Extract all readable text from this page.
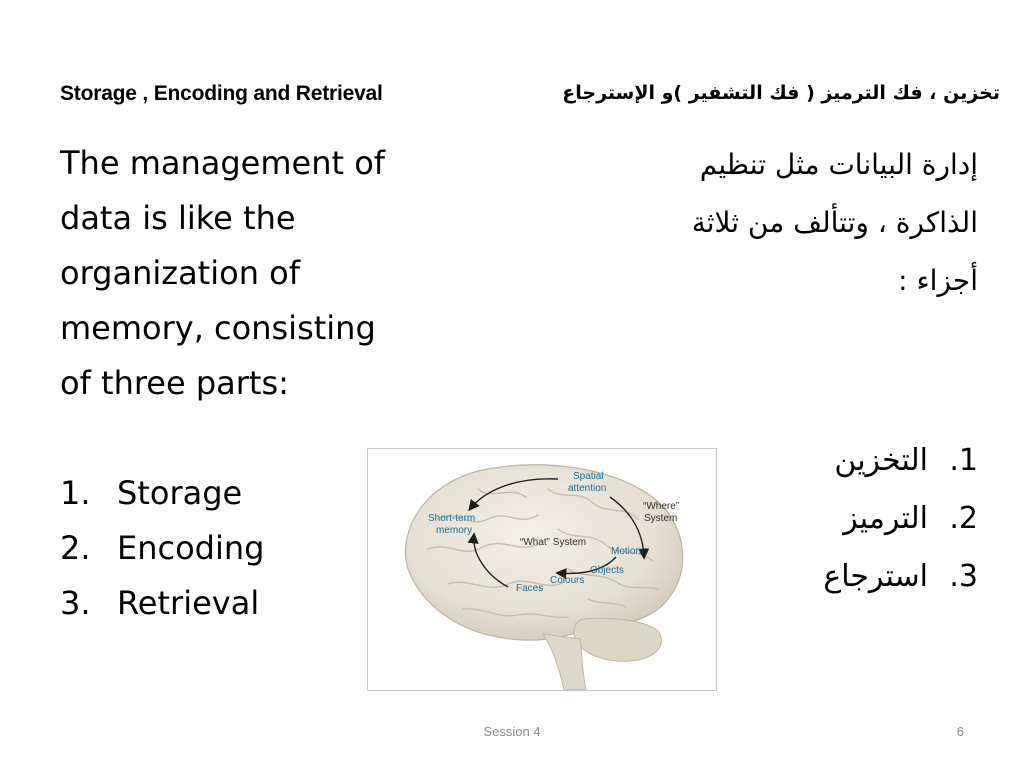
Storage , Encoding and Retrieval	تخزين ، فك الترميز ( فك التشفير )و الإسترجاع

The management of
data is like the
organization of
memory, consisting
of three parts:

1. Storage
2. Encoding
3. Retrieval

إدارة البيانات مثل تنظيم
الذاكرة ، وتتألف من ثلاثة
أجزاء :

.1
التخزين
.2
الترميز
.3
استرجاع
Spatial
attention
“Where”
System
Short-term
memory
“What” System
Motion
Objects
Colours
Faces
Session 4	6
